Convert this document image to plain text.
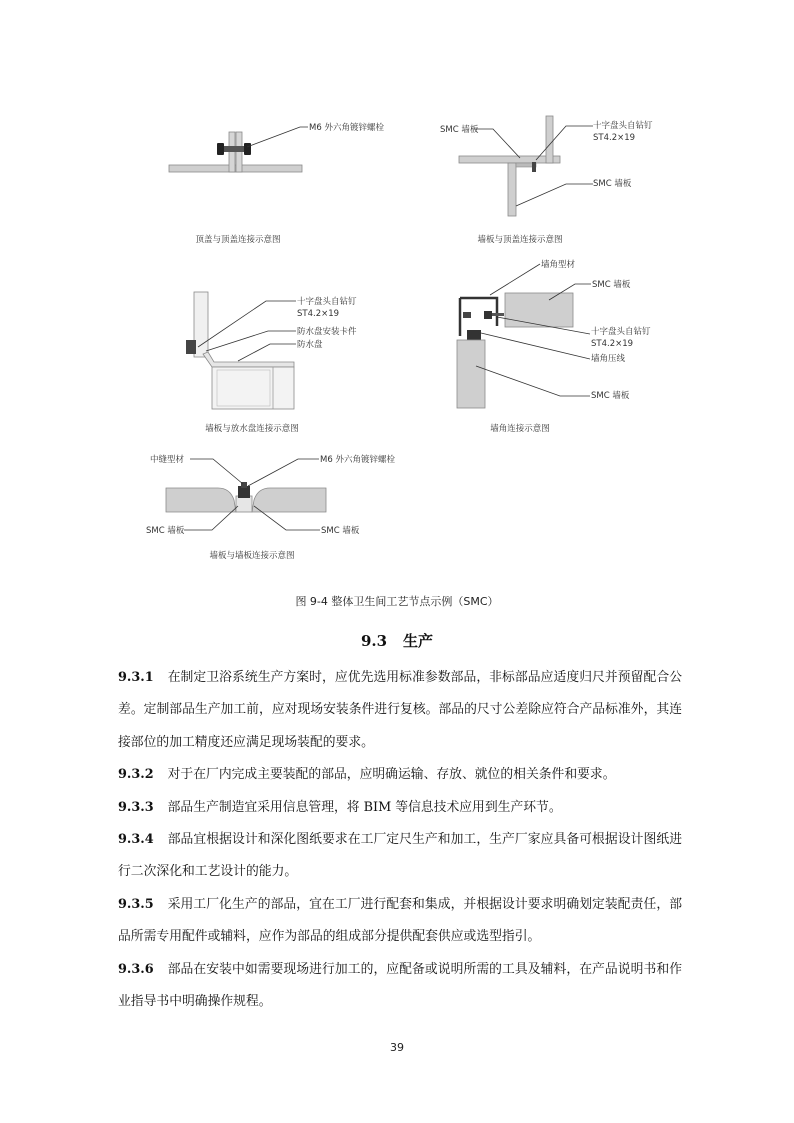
M6 外六角镀锌螺栓
顶盖与顶盖连接示意图
SMC 墙板	十字盘头自钻钉
ST4.2×19
SMC 墙板
墙板与顶盖连接示意图
十字盘头自钻钉
ST4.2×19
防水盘安装卡件
防水盘
墙板与放水盘连接示意图
墙角型材
SMC 墙板
十字盘头自钻钉
ST4.2×19
墙角压线
SMC 墙板
墙角连接示意图
中缝型材	M6 外六角镀锌螺栓
SMC 墙板	SMC 墙板
墙板与墙板连接示意图
图 9-4 整体卫生间工艺节点示例（SMC）
9.3 生产

9.3.1 在制定卫浴系统生产方案时，应优先选用标准参数部品，非标部品应适度归尺并预留配合公差。定制部品生产加工前，应对现场安装条件进行复核。部品的尺寸公差除应符合产品标准外，其连接部位的加工精度还应满足现场装配的要求。

9.3.2 对于在厂内完成主要装配的部品，应明确运输、存放、就位的相关条件和要求。

9.3.3 部品生产制造宜采用信息管理，将 BIM 等信息技术应用到生产环节。

9.3.4 部品宜根据设计和深化图纸要求在工厂定尺生产和加工，生产厂家应具备可根据设计图纸进行二次深化和工艺设计的能力。

9.3.5 采用工厂化生产的部品，宜在工厂进行配套和集成，并根据设计要求明确划定装配责任，部品所需专用配件或辅料，应作为部品的组成部分提供配套供应或选型指引。

9.3.6 部品在安装中如需要现场进行加工的，应配备或说明所需的工具及辅料，在产品说明书和作业指导书中明确操作规程。

39
